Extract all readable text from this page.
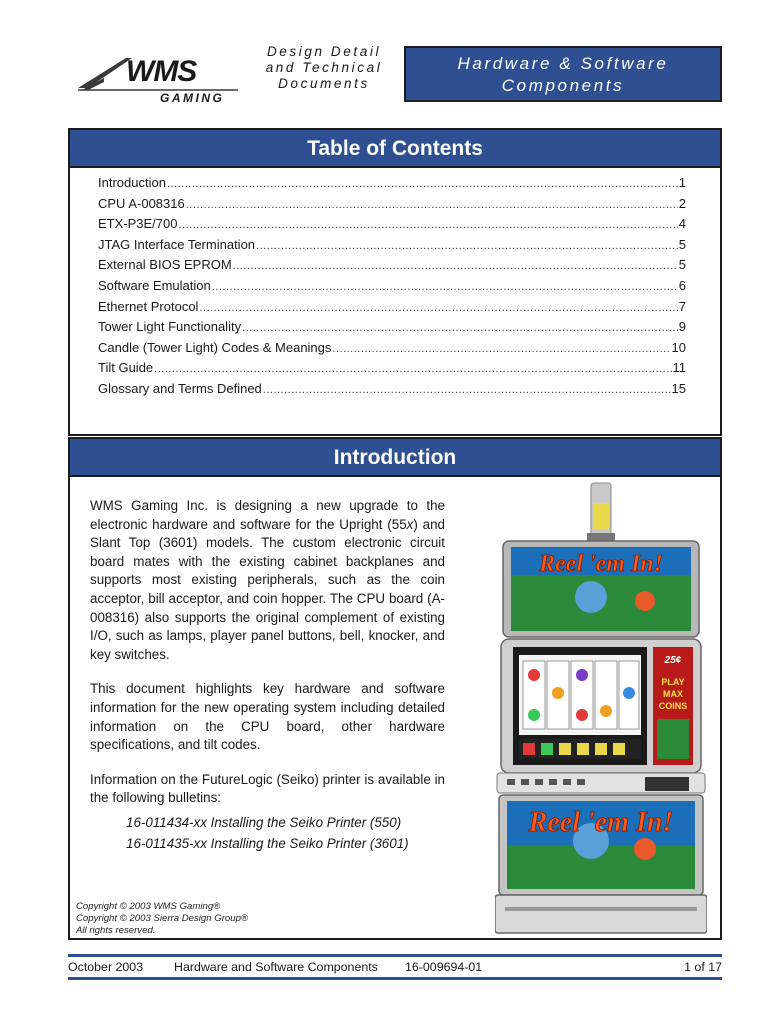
WMS
GAMING
Design Detail
and Technical
Documents
Hardware & Software
Components
Table of Contents
Introduction .....	1
CPU A-008316 .....	2
ETX-P3E/700 .....	4
JTAG Interface Termination .....	5
External BIOS EPROM .....	5
Software Emulation .....	6
Ethernet Protocol .....	7
Tower Light Functionality .....	9
Candle (Tower Light) Codes & Meanings .....	10
Tilt Guide .....	11
Glossary and Terms Defined .....	15
Introduction

WMS Gaming Inc. is designing a new upgrade to the electronic hardware and software for the Upright (55x) and Slant Top (3601) models. The custom electronic circuit board mates with the existing cabinet backplanes and supports most existing peripherals, such as the coin acceptor, bill acceptor, and coin hopper. The CPU board (A-008316) also supports the original complement of existing I/O, such as lamps, player panel buttons, bell, knocker, and key switches.

This document highlights key hardware and software information for the new operating system including detailed information on the CPU board, other hardware specifications, and tilt codes.

Information on the FutureLogic (Seiko) printer is available in the following bulletins:

16-011434-xx Installing the Seiko Printer (550)
16-011435-xx Installing the Seiko Printer (3601)
Copyright © 2003 WMS Gaming®
Copyright © 2003 Sierra Design Group®
All rights reserved.
Reel 'em In!
25¢
PLAY
MAX
COINS
Reel 'em In!
October 2003 Hardware and Software Components 16-009694-01	1 of 17
